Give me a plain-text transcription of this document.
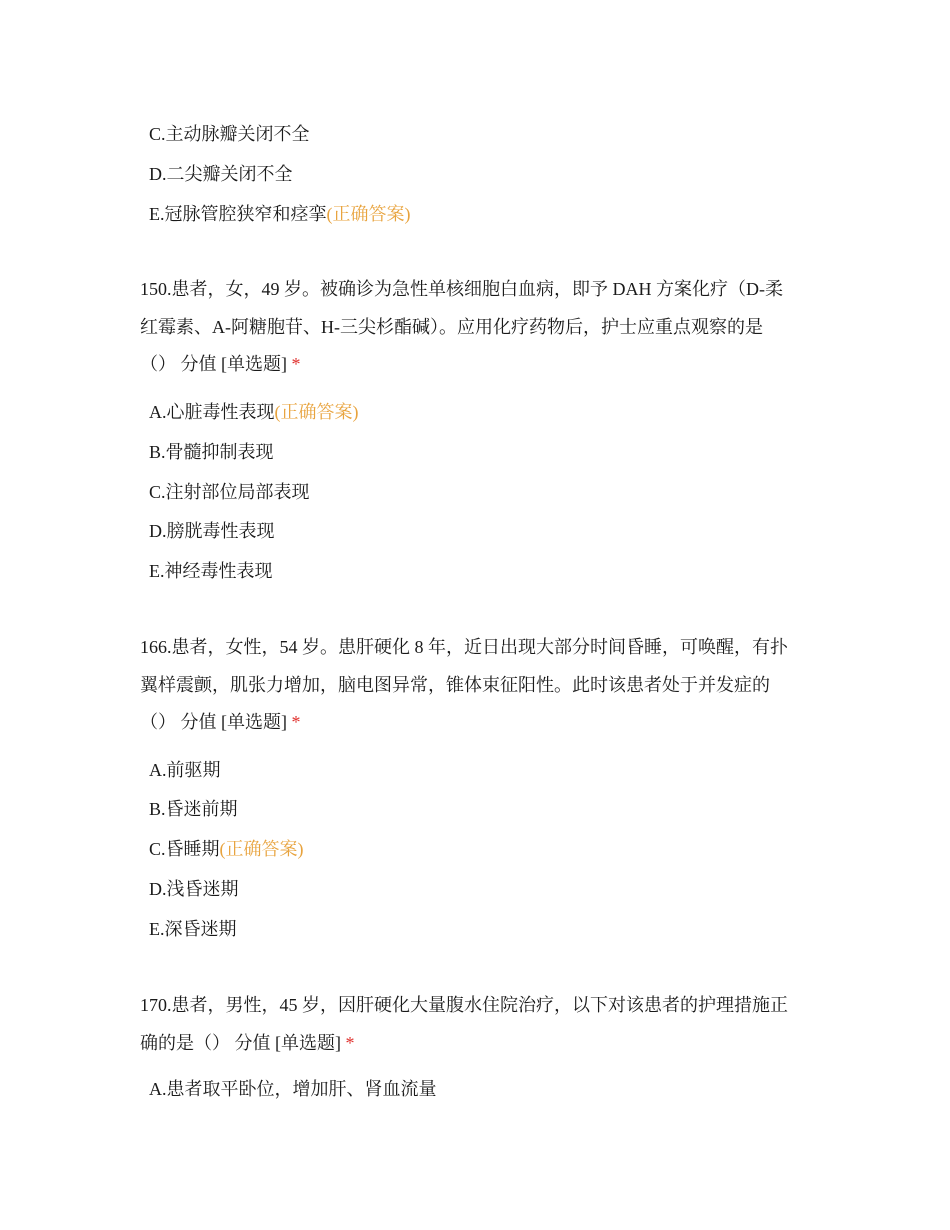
C.主动脉瓣关闭不全
D.二尖瓣关闭不全
E.冠脉管腔狭窄和痉挛(正确答案)
150.患者，女，49 岁。被确诊为急性单核细胞白血病，即予 DAH 方案化疗（D-柔
红霉素、A-阿糖胞苷、H-三尖杉酯碱）。应用化疗药物后，护士应重点观察的是
（） 分值 [单选题] *
A.心脏毒性表现(正确答案)
B.骨髓抑制表现
C.注射部位局部表现
D.膀胱毒性表现
E.神经毒性表现
166.患者，女性，54 岁。患肝硬化 8 年，近日出现大部分时间昏睡，可唤醒，有扑
翼样震颤，肌张力增加，脑电图异常，锥体束征阳性。此时该患者处于并发症的
（） 分值 [单选题] *
A.前驱期
B.昏迷前期
C.昏睡期(正确答案)
D.浅昏迷期
E.深昏迷期
170.患者，男性，45 岁，因肝硬化大量腹水住院治疗，以下对该患者的护理措施正
确的是（） 分值 [单选题] *
A.患者取平卧位，增加肝、肾血流量
